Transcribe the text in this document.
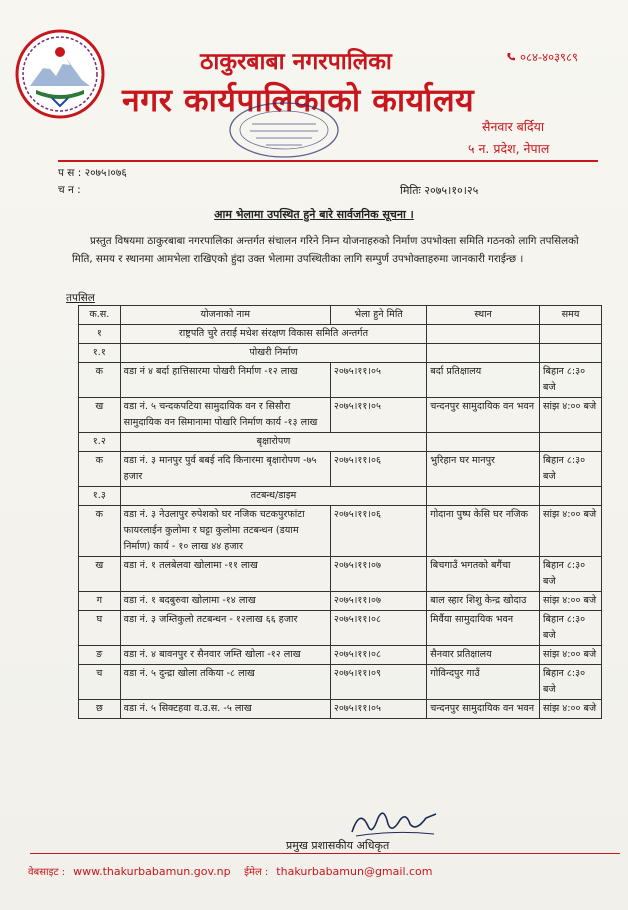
ठाकुरबाबा नगरपालिका
नगर कार्यपालिकाको कार्यालय
०८४-४०३९८९
सैनवार बर्दिया
५ न. प्रदेश, नेपाल
प स : २०७५।०७६
च न :	मितिः २०७५।१०।२५
आम भेलामा उपस्थित हुने बारे सार्वजनिक सूचना ।
प्रस्तुत विषयमा ठाकुरबाबा नगरपालिका अन्तर्गत संचालन गरिने निम्न योजनाहरुको निर्माण उपभोक्ता समिति गठनको लागि तपसिलको मिति, समय र स्थानमा आमभेला राखिएको हुंदा उक्त भेलामा उपस्थितीका लागि सम्पुर्ण उपभोक्ताहरुमा जानकारी गराईन्छ ।
तपसिल
क.स.	योजनाको नाम	भेला हुने मिति	स्थान	समय
१	राष्ट्रपति चुरे तराई मधेश संरक्षण विकास समिति अन्तर्गत			
१.१	पोखरी निर्माण			
क	वडा नं ४ बर्दा हात्तिसारमा पोखरी निर्माण -१२ लाख	२०७५।११।०५	बर्दा प्रतिक्षालय	बिहान ८:३० बजे
ख	वडा नं. ५ चन्दकपटिया सामुदायिक वन र सिसौरा सामुदायिक वन सिमानामा पोखरि निर्माण कार्य -१३ लाख	२०७५।११।०५	चन्दनपुर सामुदायिक वन भवन	सांझ ४:०० बजे
१.२	बृक्षारोपण			
क	वडा नं. ३ मानपुर पुर्व बबई नदि किनारमा बृक्षारोपण -७५ हजार	२०७५।११।०६	भुरिहान घर मानपुर	बिहान ८:३० बजे
१.३	तटबन्ध/डाइम			
क	वडा नं. ३ नेउलापुर रुपेशको घर नजिक चटकपुरफांटा फायरलाईन कुलोमा र घट्टा कुलोमा तटबन्धन (डयाम निर्माण) कार्य - १० लाख ४४ हजार	२०७५।११।०६	गोदाना पुष्प केसि घर नजिक	सांझ ४:०० बजे
ख	वडा नं. १ तलबेलवा खोलामा -११ लाख	२०७५।११।०७	बिचगाउँ भगतको बगैंचा	बिहान ८:३० बजे
ग	वडा नं. १ बदबुरुवा खोलामा -१४ लाख	२०७५।११।०७	बाल स्हार शिशु केन्द्र खोदाउ	सांझ ४:०० बजे
घ	वडा नं. ३ जम्तिकुलो तटबन्धन - १२लाख ६६ हजार	२०७५।११।०८	मिर्वैया सामुदायिक भवन	बिहान ८:३० बजे
ङ	वडा नं. ४ बावनपुर र सैनवार जम्ति खोला -१२ लाख	२०७५।११।०८	सैनवार प्रतिक्षालय	सांझ ४:०० बजे
च	वडा नं. ५ दुन्द्रा खोला तकिया -८ लाख	२०७५।११।०९	गोविन्दपुर गाउँ	बिहान ८:३० बजे
छ	वडा नं. ५ सिक्टहवा व.उ.स. -५ लाख	२०७५।११।०५	चन्दनपुर सामुदायिक वन भवन	सांझ ४:०० बजे
प्रमुख प्रशासकीय अधिकृत
वेबसाइट : www.thakurbabamun.gov.np ईमेल : thakurbabamun@gmail.com
